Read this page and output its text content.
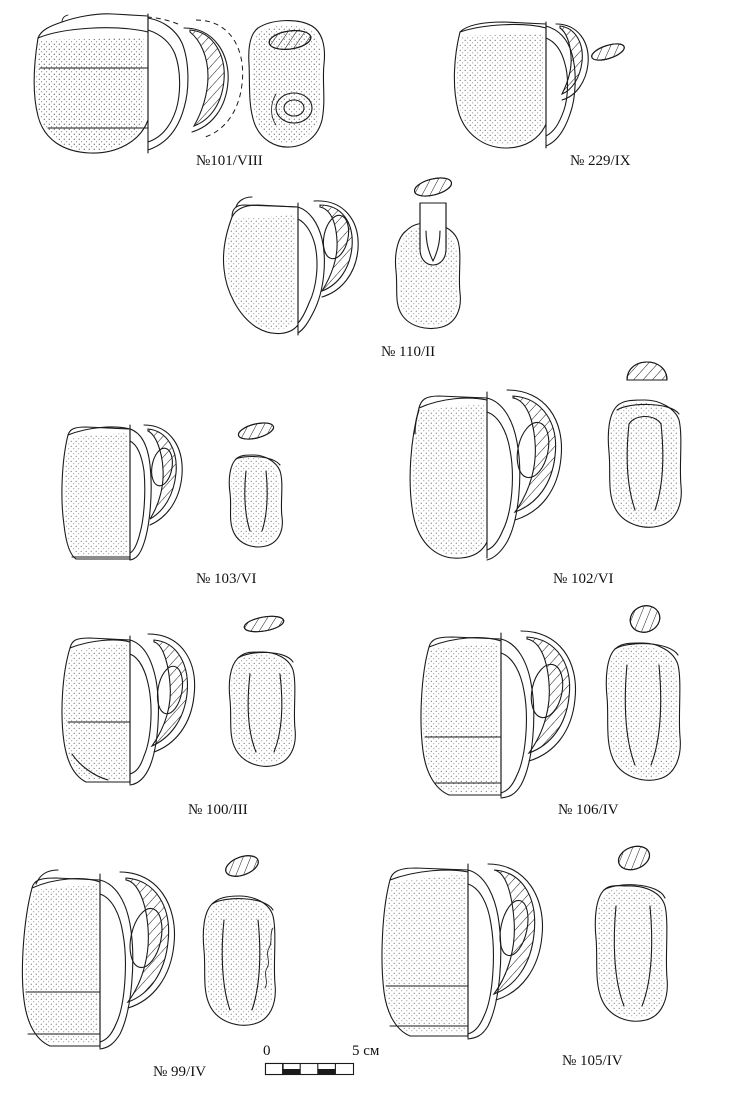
№101/VIII	№ 229/IX
№ 110/II
№ 103/VI	№ 102/VI
№ 100/III	№ 106/IV
№ 99/IV
№ 105/IV
0	5 см
